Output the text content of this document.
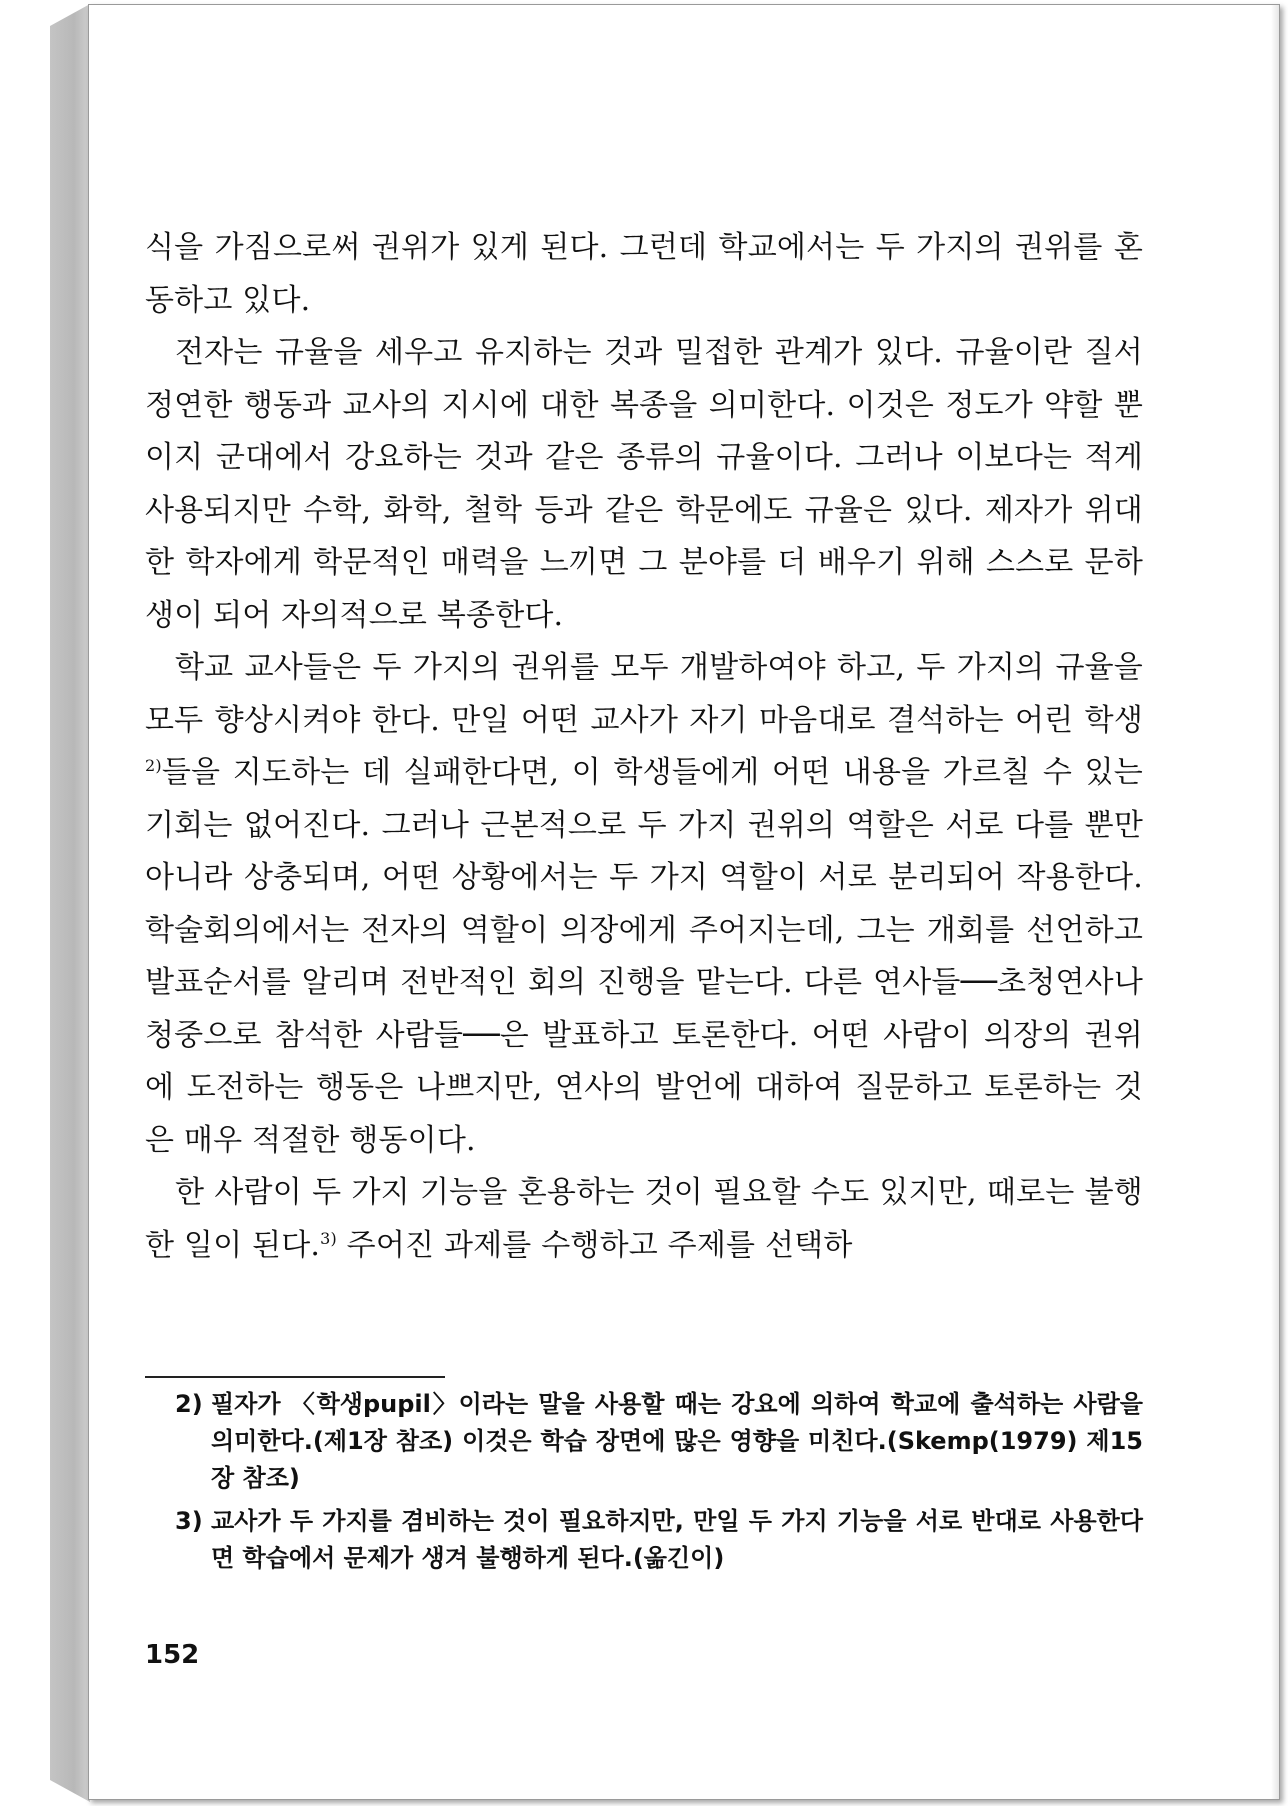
식을 가짐으로써 권위가 있게 된다. 그런데 학교에서는 두 가지의 권위를 혼동하고 있다.

전자는 규율을 세우고 유지하는 것과 밀접한 관계가 있다. 규율이란 질서정연한 행동과 교사의 지시에 대한 복종을 의미한다. 이것은 정도가 약할 뿐이지 군대에서 강요하는 것과 같은 종류의 규율이다. 그러나 이보다는 적게 사용되지만 수학, 화학, 철학 등과 같은 학문에도 규율은 있다. 제자가 위대한 학자에게 학문적인 매력을 느끼면 그 분야를 더 배우기 위해 스스로 문하생이 되어 자의적으로 복종한다.

학교 교사들은 두 가지의 권위를 모두 개발하여야 하고, 두 가지의 규율을 모두 향상시켜야 한다. 만일 어떤 교사가 자기 마음대로 결석하는 어린 학생$^{2)}$들을 지도하는 데 실패한다면, 이 학생들에게 어떤 내용을 가르칠 수 있는 기회는 없어진다. 그러나 근본적으로 두 가지 권위의 역할은 서로 다를 뿐만 아니라 상충되며, 어떤 상황에서는 두 가지 역할이 서로 분리되어 작용한다. 학술회의에서는 전자의 역할이 의장에게 주어지는데, 그는 개회를 선언하고 발표순서를 알리며 전반적인 회의 진행을 맡는다. 다른 연사들──초청연사나 청중으로 참석한 사람들──은 발표하고 토론한다. 어떤 사람이 의장의 권위에 도전하는 행동은 나쁘지만, 연사의 발언에 대하여 질문하고 토론하는 것은 매우 적절한 행동이다.

한 사람이 두 가지 기능을 혼용하는 것이 필요할 수도 있지만, 때로는 불행한 일이 된다.$^{3)}$ 주어진 과제를 수행하고 주제를 선택하

2) 필자가 〈학생pupil〉이라는 말을 사용할 때는 강요에 의하여 학교에 출석하는 사람을 의미한다.(제1장 참조) 이것은 학습 장면에 많은 영향을 미친다.(Skemp(1979) 제15장 참조)

3) 교사가 두 가지를 겸비하는 것이 필요하지만, 만일 두 가지 기능을 서로 반대로 사용한다면 학습에서 문제가 생겨 불행하게 된다.(옮긴이)

152
